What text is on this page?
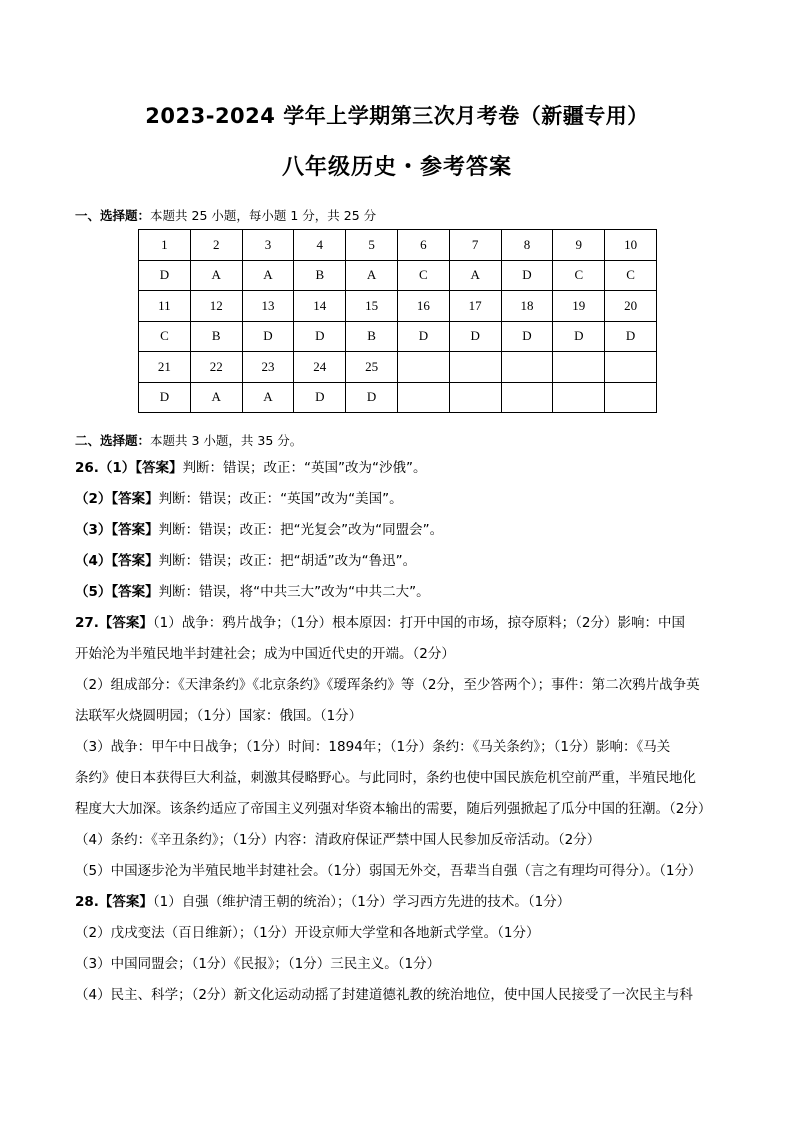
2023-2024 学年上学期第三次月考卷（新疆专用）
八年级历史・参考答案
一、选择题：本题共 25 小题，每小题 1 分，共 25 分
1	2	3	4	5	6	7	8	9	10
D	A	A	B	A	C	A	D	C	C
11	12	13	14	15	16	17	18	19	20
C	B	D	D	B	D	D	D	D	D
21	22	23	24	25					
D	A	A	D	D					
二、选择题：本题共 3 小题，共 35 分。
26.（1）【答案】判断：错误；改正：“英国”改为“沙俄”。
（2）【答案】判断：错误；改正：“英国”改为“美国”。
（3）【答案】判断：错误；改正：把“光复会”改为“同盟会”。
（4）【答案】判断：错误；改正：把“胡适”改为“鲁迅”。
（5）【答案】判断：错误，将“中共三大”改为“中共二大”。
27.【答案】（1）战争：鸦片战争；（1分）根本原因：打开中国的市场，掠夺原料；（2分）影响：中国
开始沦为半殖民地半封建社会；成为中国近代史的开端。（2分）
（2）组成部分：《天津条约》《北京条约》《瑷珲条约》等（2分，至少答两个）；事件：第二次鸦片战争英
法联军火烧圆明园；（1分）国家：俄国。（1分）
（3）战争：甲午中日战争；（1分）时间：1894年；（1分）条约：《马关条约》；（1分）影响：《马关
条约》使日本获得巨大利益，刺激其侵略野心。与此同时，条约也使中国民族危机空前严重，半殖民地化
程度大大加深。该条约适应了帝国主义列强对华资本输出的需要，随后列强掀起了瓜分中国的狂潮。（2分）
（4）条约：《辛丑条约》；（1分）内容：清政府保证严禁中国人民参加反帝活动。（2分）
（5）中国逐步沦为半殖民地半封建社会。（1分）弱国无外交，吾辈当自强（言之有理均可得分）。（1分）
28.【答案】（1）自强（维护清王朝的统治）；（1分）学习西方先进的技术。（1分）
（2）戊戌变法（百日维新）；（1分）开设京师大学堂和各地新式学堂。（1分）
（3）中国同盟会；（1分）《民报》；（1分）三民主义。（1分）
（4）民主、科学；（2分）新文化运动动摇了封建道德礼教的统治地位，使中国人民接受了一次民主与科
